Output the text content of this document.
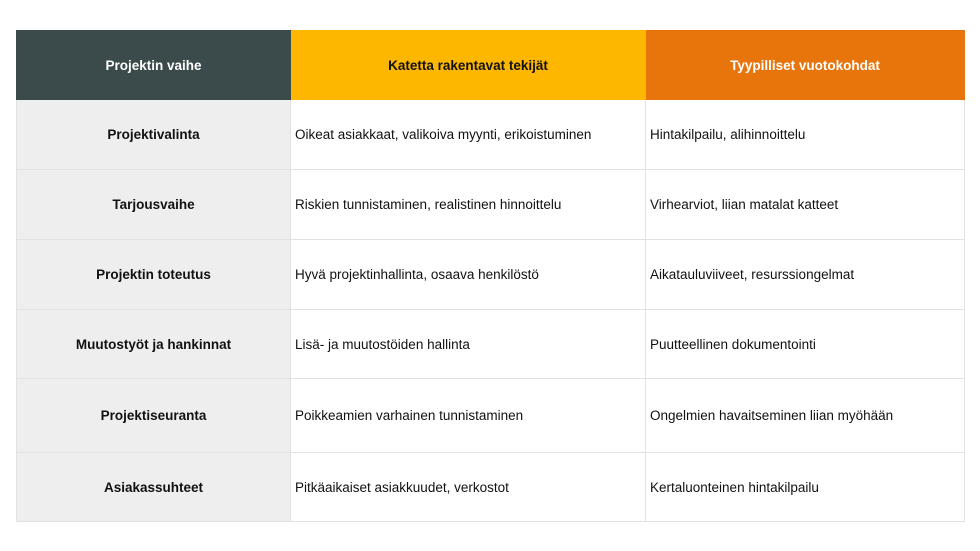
Projektin vaihe	Katetta rakentavat tekijät	Tyypilliset vuotokohdat
Projektivalinta	Oikeat asiakkaat, valikoiva myynti, erikoistuminen	Hintakilpailu, alihinnoittelu
Tarjousvaihe	Riskien tunnistaminen, realistinen hinnoittelu	Virhearviot, liian matalat katteet
Projektin toteutus	Hyvä projektinhallinta, osaava henkilöstö	Aikatauluviiveet, resurssiongelmat
Muutostyöt ja hankinnat	Lisä- ja muutostöiden hallinta	Puutteellinen dokumentointi
Projektiseuranta	Poikkeamien varhainen tunnistaminen	Ongelmien havaitseminen liian myöhään
Asiakassuhteet	Pitkäaikaiset asiakkuudet, verkostot	Kertaluonteinen hintakilpailu
